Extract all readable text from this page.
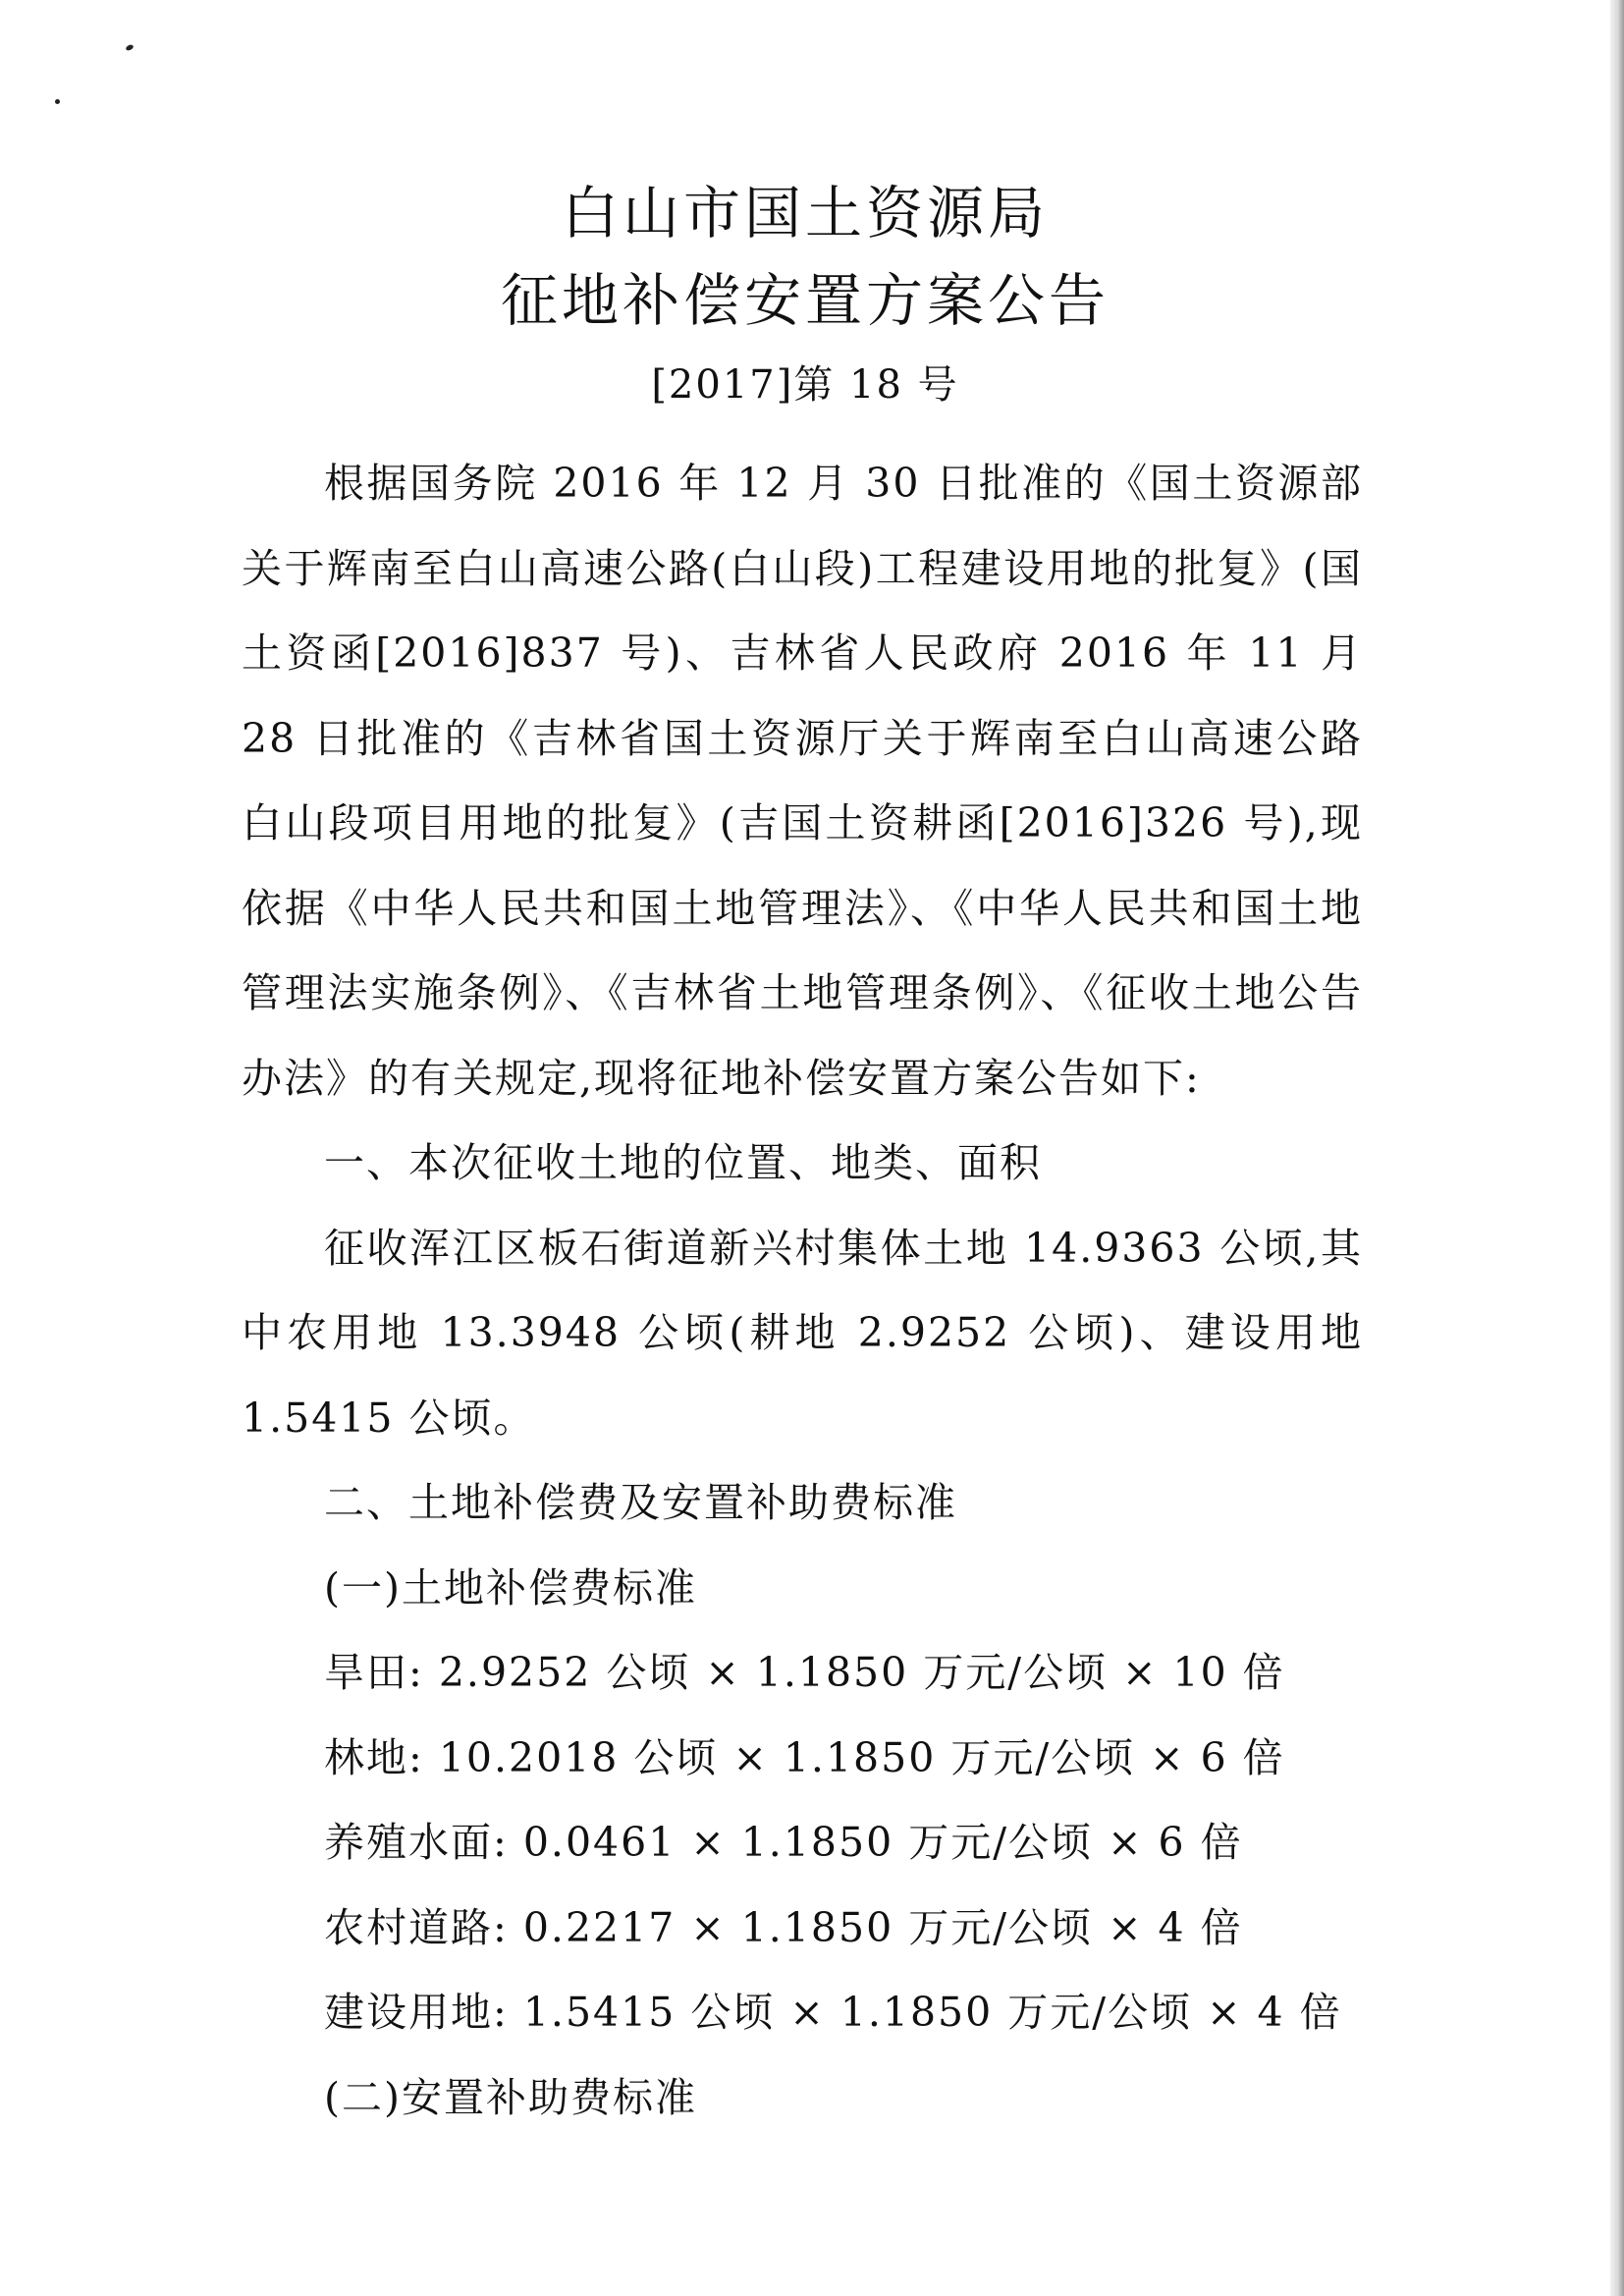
白山市国土资源局
征地补偿安置方案公告
[2017]第 18 号

根据国务院 2016 年 12 月 30 日批准的《国土资源部关于辉南至白山高速公路(白山段)工程建设用地的批复》(国土资函[2016]837 号)、吉林省人民政府 2016 年 11 月 28 日批准的《吉林省国土资源厅关于辉南至白山高速公路白山段项目用地的批复》(吉国土资耕函[2016]326 号),现依据《中华人民共和国土地管理法》、《中华人民共和国土地管理法实施条例》、《吉林省土地管理条例》、《征收土地公告办法》的有关规定,现将征地补偿安置方案公告如下:

一、本次征收土地的位置、地类、面积

征收浑江区板石街道新兴村集体土地 14.9363 公顷,其中农用地 13.3948 公顷(耕地 2.9252 公顷)、建设用地 1.5415 公顷。

二、土地补偿费及安置补助费标准

(一)土地补偿费标准

旱田: 2.9252 公顷 × 1.1850 万元/公顷 × 10 倍

林地: 10.2018 公顷 × 1.1850 万元/公顷 × 6 倍

养殖水面: 0.0461 × 1.1850 万元/公顷 × 6 倍

农村道路: 0.2217 × 1.1850 万元/公顷 × 4 倍

建设用地: 1.5415 公顷 × 1.1850 万元/公顷 × 4 倍

(二)安置补助费标准
